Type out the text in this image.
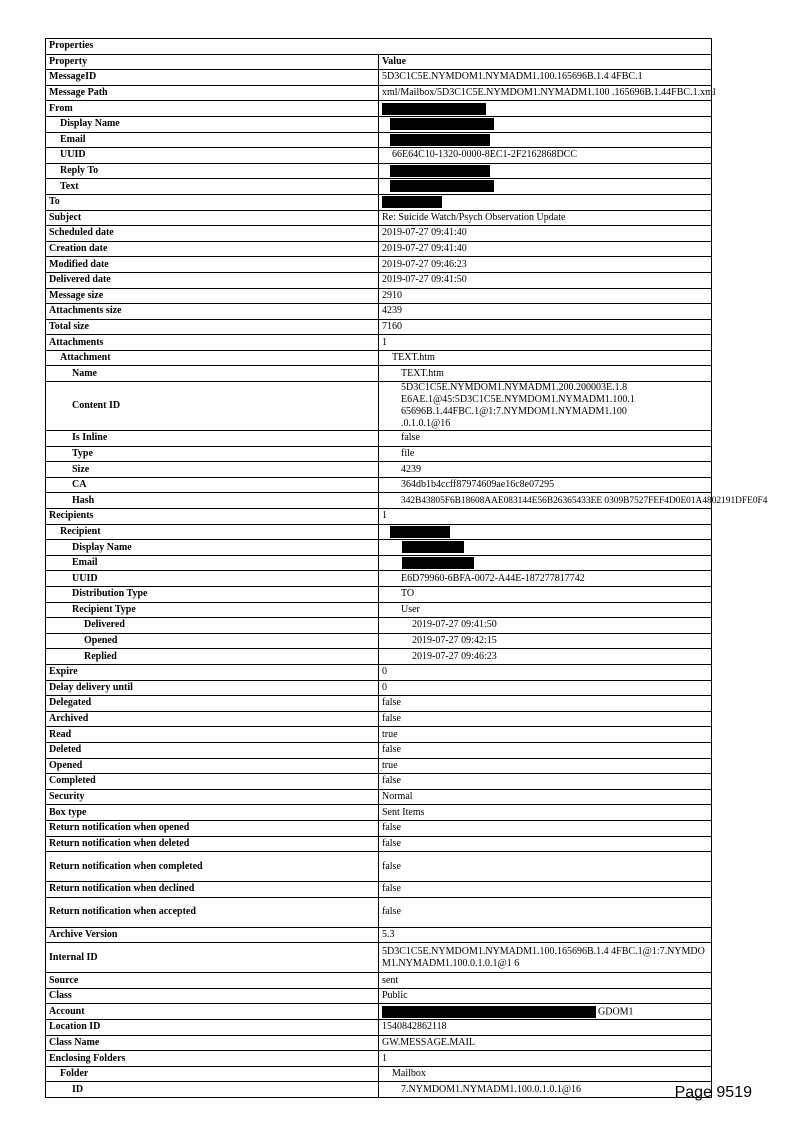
Properties	
Property	Value
MessageID	5D3C1C5E.NYMDOM1.NYMADM1.100.165696B.1.4 4FBC.1
Message Path	xml/Mailbox/5D3C1C5E.NYMDOM1.NYMADM1.100 .165696B.1.44FBC.1.xml
From	
Display Name	
Email	
UUID	66E64C10-1320-0000-8EC1-2F2162868DCC
Reply To	
Text	
To	
Subject	Re: Suicide Watch/Psych Observation Update
Scheduled date	2019-07-27 09:41:40
Creation date	2019-07-27 09:41:40
Modified date	2019-07-27 09:46:23
Delivered date	2019-07-27 09:41:50
Message size	2910
Attachments size	4239
Total size	7160
Attachments	1
Attachment	TEXT.htm
Name	TEXT.htm
Content ID	5D3C1C5E.NYMDOM1.NYMADM1.200.200003E.1.8 E6AE.1@45:5D3C1C5E.NYMDOM1.NYMADM1.100.1 65696B.1.44FBC.1@1:7.NYMDOM1.NYMADM1.100 .0.1.0.1@16
Is Inline	false
Type	file
Size	4239
CA	364db1b4ccff87974609ae16c8e07295
Hash	342B43805F6B18608AAE083144E56B26365433EE 0309B7527FEF4D0E01A4802191DFE0F4
Recipients	1
Recipient	
Display Name	
Email	
UUID	E6D79960-6BFA-0072-A44E-187277817742
Distribution Type	TO
Recipient Type	User
Delivered	2019-07-27 09:41:50
Opened	2019-07-27 09:42:15
Replied	2019-07-27 09:46:23
Expire	0
Delay delivery until	0
Delegated	false
Archived	false
Read	true
Deleted	false
Opened	true
Completed	false
Security	Normal
Box type	Sent Items
Return notification when opened	false
Return notification when deleted	false
Return notification when completed	false
Return notification when declined	false
Return notification when accepted	false
Archive Version	5.3
Internal ID	5D3C1C5E.NYMDOM1.NYMADM1.100.165696B.1.4 4FBC.1@1:7.NYMDOM1.NYMADM1.100.0.1.0.1@1 6
Source	sent
Class	Public
Account	GDOM1
Location ID	1540842862118
Class Name	GW.MESSAGE.MAIL
Enclosing Folders	1
Folder	Mailbox
ID	7.NYMDOM1.NYMADM1.100.0.1.0.1@16	Page 9519
